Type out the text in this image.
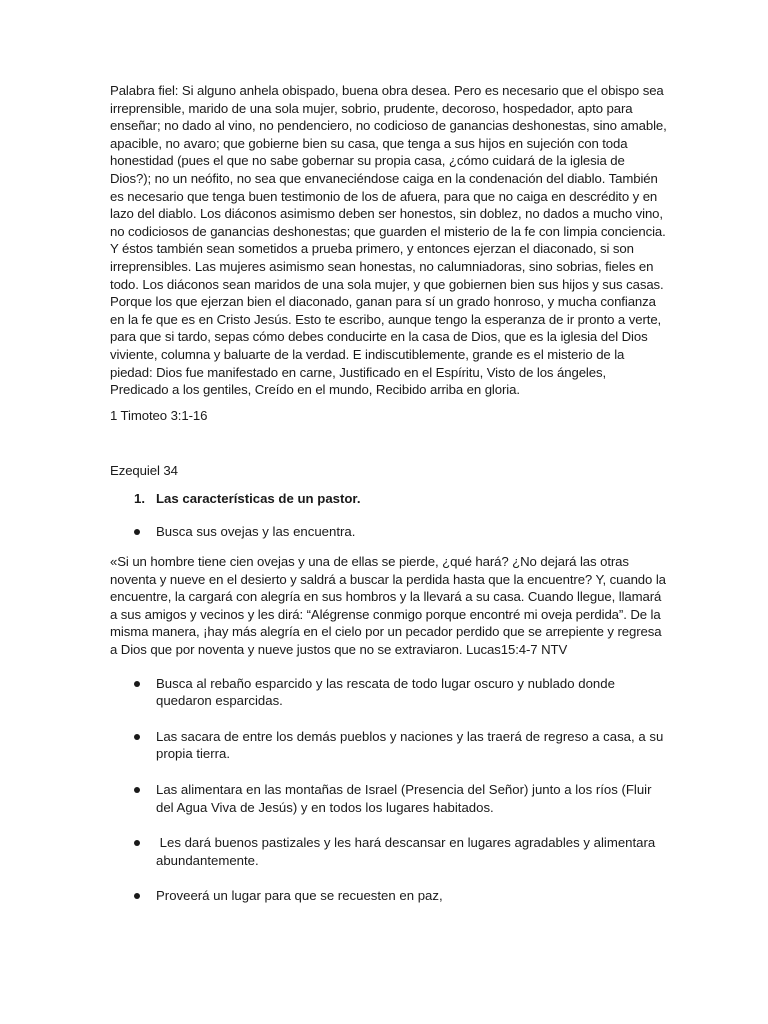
Palabra fiel: Si alguno anhela obispado, buena obra desea. Pero es necesario que el obispo sea irreprensible, marido de una sola mujer, sobrio, prudente, decoroso, hospedador, apto para enseñar; no dado al vino, no pendenciero, no codicioso de ganancias deshonestas, sino amable, apacible, no avaro; que gobierne bien su casa, que tenga a sus hijos en sujeción con toda honestidad (pues el que no sabe gobernar su propia casa, ¿cómo cuidará de la iglesia de Dios?); no un neófito, no sea que envaneciéndose caiga en la condenación del diablo. También es necesario que tenga buen testimonio de los de afuera, para que no caiga en descrédito y en lazo del diablo. Los diáconos asimismo deben ser honestos, sin doblez, no dados a mucho vino, no codiciosos de ganancias deshonestas; que guarden el misterio de la fe con limpia conciencia. Y éstos también sean sometidos a prueba primero, y entonces ejerzan el diaconado, si son irreprensibles. Las mujeres asimismo sean honestas, no calumniadoras, sino sobrias, fieles en todo. Los diáconos sean maridos de una sola mujer, y que gobiernen bien sus hijos y sus casas. Porque los que ejerzan bien el diaconado, ganan para sí un grado honroso, y mucha confianza en la fe que es en Cristo Jesús. Esto te escribo, aunque tengo la esperanza de ir pronto a verte, para que si tardo, sepas cómo debes conducirte en la casa de Dios, que es la iglesia del Dios viviente, columna y baluarte de la verdad. E indiscutiblemente, grande es el misterio de la piedad: Dios fue manifestado en carne, Justificado en el Espíritu, Visto de los ángeles, Predicado a los gentiles, Creído en el mundo, Recibido arriba en gloria.

1 Timoteo 3:1-16

Ezequiel 34

1. Las características de un pastor.
Busca sus ovejas y las encuentra.

«Si un hombre tiene cien ovejas y una de ellas se pierde, ¿qué hará? ¿No dejará las otras noventa y nueve en el desierto y saldrá a buscar la perdida hasta que la encuentre? Y, cuando la encuentre, la cargará con alegría en sus hombros y la llevará a su casa. Cuando llegue, llamará a sus amigos y vecinos y les dirá: “Alégrense conmigo porque encontré mi oveja perdida”. De la misma manera, ¡hay más alegría en el cielo por un pecador perdido que se arrepiente y regresa a Dios que por noventa y nueve justos que no se extraviaron. Lucas15:4-7 NTV

Busca al rebaño esparcido y las rescata de todo lugar oscuro y nublado donde quedaron esparcidas.
Las sacara de entre los demás pueblos y naciones y las traerá de regreso a casa, a su propia tierra.
Las alimentara en las montañas de Israel (Presencia del Señor) junto a los ríos (Fluir del Agua Viva de Jesús) y en todos los lugares habitados.
Les dará buenos pastizales y les hará descansar en lugares agradables y alimentara abundantemente.
Proveerá un lugar para que se recuesten en paz,
